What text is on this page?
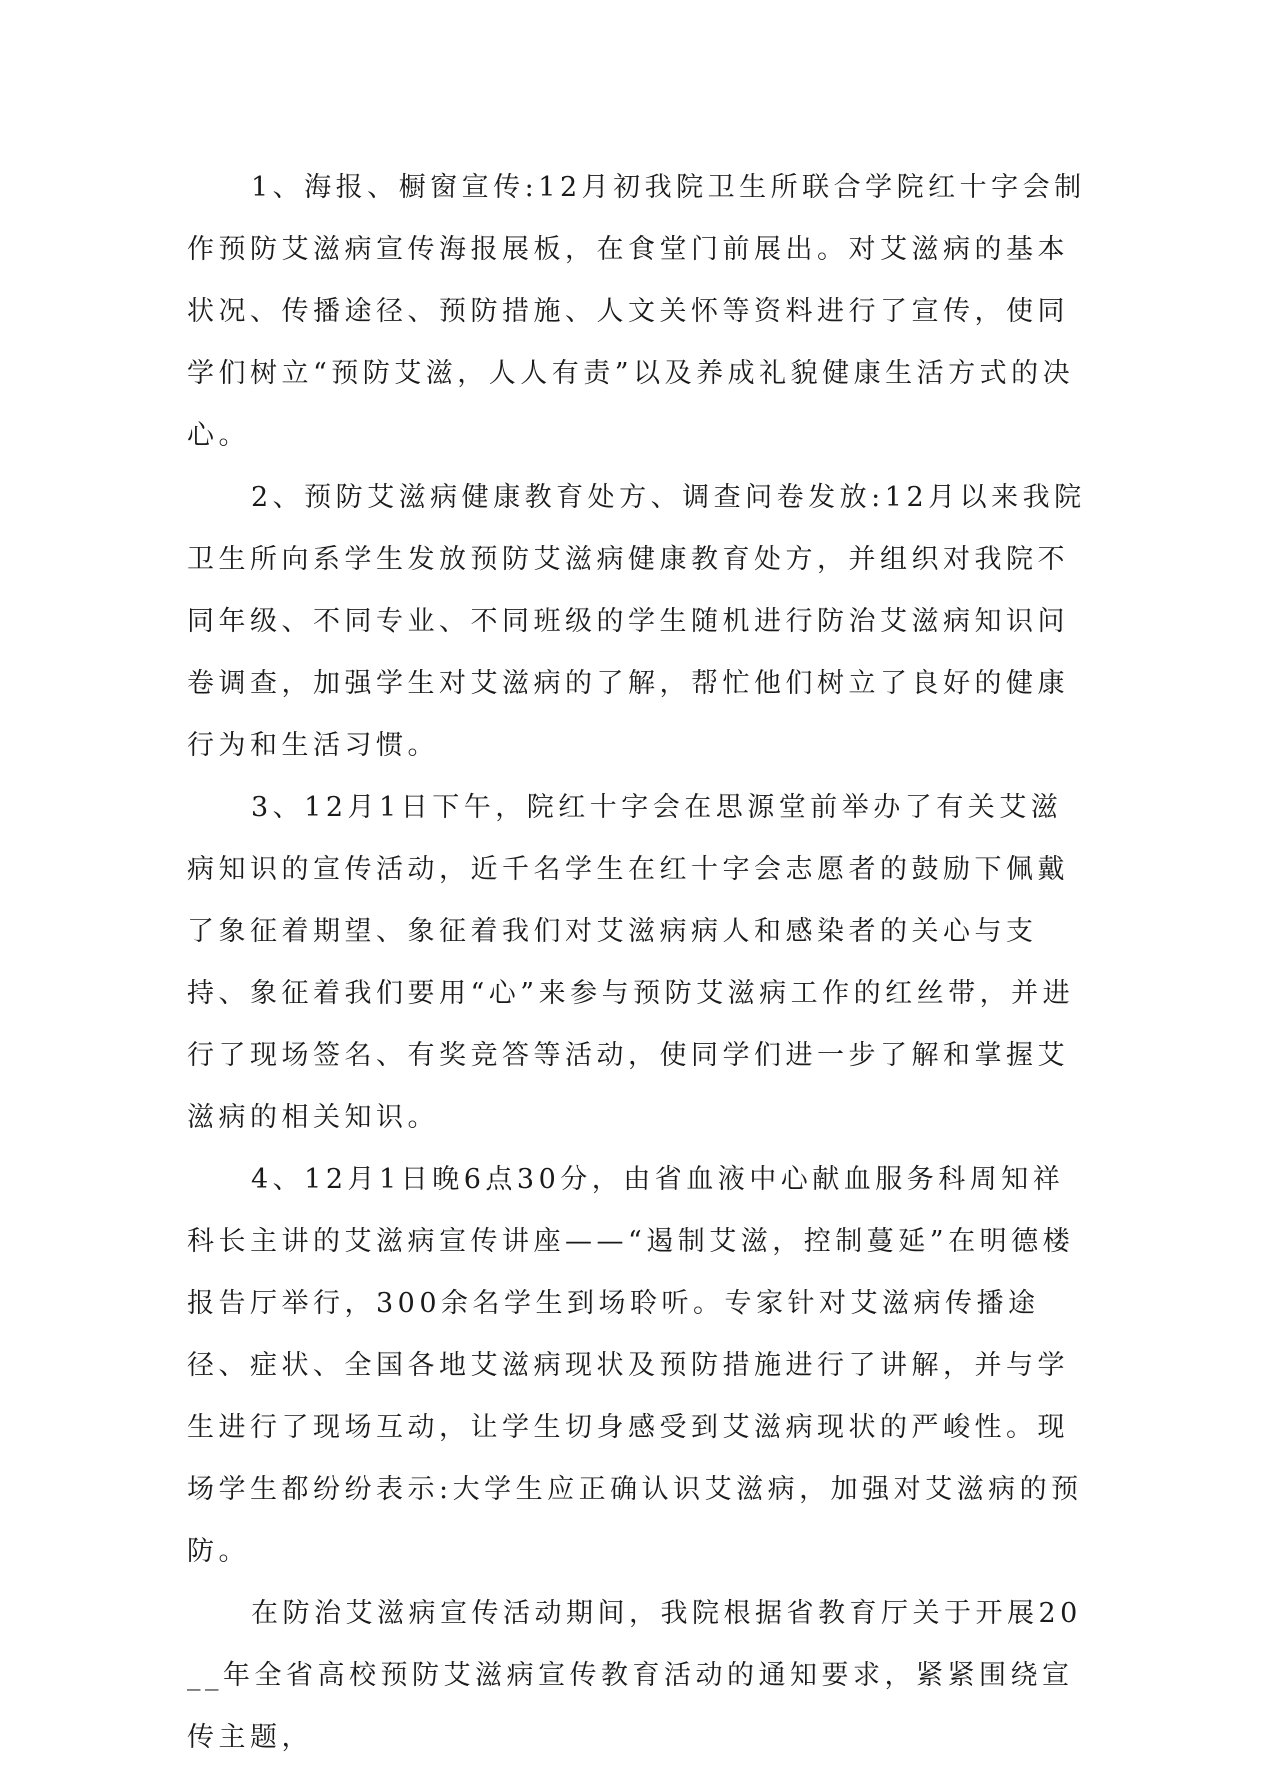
1、海报、橱窗宣传:12月初我院卫生所联合学院红十字会制作预防艾滋病宣传海报展板，在食堂门前展出。对艾滋病的基本状况、传播途径、预防措施、人文关怀等资料进行了宣传，使同学们树立“预防艾滋，人人有责”以及养成礼貌健康生活方式的决心。

2、预防艾滋病健康教育处方、调查问卷发放:12月以来我院卫生所向系学生发放预防艾滋病健康教育处方，并组织对我院不同年级、不同专业、不同班级的学生随机进行防治艾滋病知识问卷调查，加强学生对艾滋病的了解，帮忙他们树立了良好的健康行为和生活习惯。

3、12月1日下午，院红十字会在思源堂前举办了有关艾滋病知识的宣传活动，近千名学生在红十字会志愿者的鼓励下佩戴了象征着期望、象征着我们对艾滋病病人和感染者的关心与支持、象征着我们要用“心”来参与预防艾滋病工作的红丝带，并进行了现场签名、有奖竞答等活动，使同学们进一步了解和掌握艾滋病的相关知识。

4、12月1日晚6点30分，由省血液中心献血服务科周知祥科长主讲的艾滋病宣传讲座——“遏制艾滋，控制蔓延”在明德楼报告厅举行，300余名学生到场聆听。专家针对艾滋病传播途径、症状、全国各地艾滋病现状及预防措施进行了讲解，并与学生进行了现场互动，让学生切身感受到艾滋病现状的严峻性。现场学生都纷纷表示:大学生应正确认识艾滋病，加强对艾滋病的预防。

在防治艾滋病宣传活动期间，我院根据省教育厅关于开展20__年全省高校预防艾滋病宣传教育活动的通知要求，紧紧围绕宣传主题，
